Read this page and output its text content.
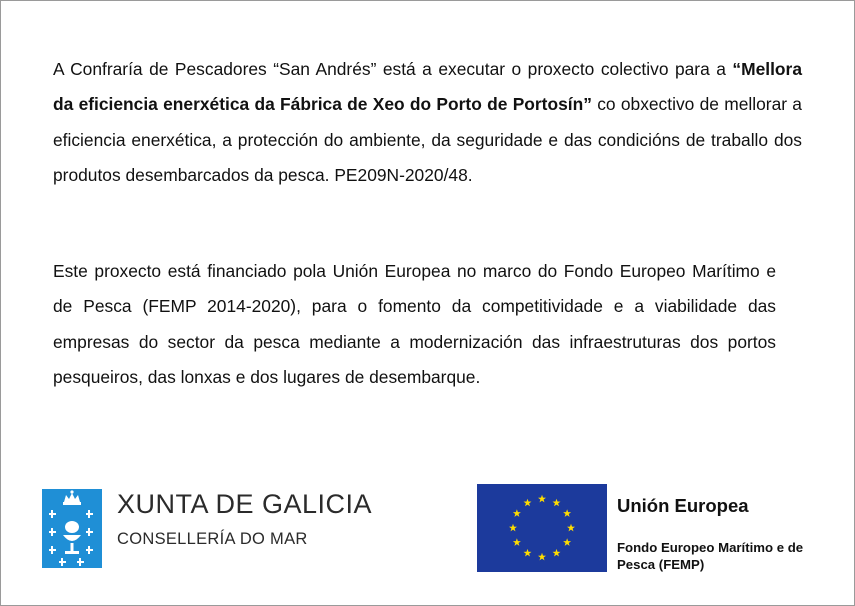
A Confraría de Pescadores “San Andrés” está a executar o proxecto colectivo para a “Mellora da eficiencia enerxética da Fábrica de Xeo do Porto de Portosín” co obxectivo de mellorar a eficiencia enerxética, a protección do ambiente, da seguridade e das condicións de traballo dos produtos desembarcados da pesca. PE209N-2020/48.

Este proxecto está financiado pola Unión Europea no marco do Fondo Europeo Marítimo e de Pesca (FEMP 2014-2020), para o fomento da competitividade e a viabilidade das empresas do sector da pesca mediante a modernización das infraestruturas dos portos pesqueiros, das lonxas e dos lugares de desembarque.

XUNTA DE GALICIA
CONSELLERÍA DO MAR
Unión Europea
Fondo Europeo Marítimo e de Pesca (FEMP)
